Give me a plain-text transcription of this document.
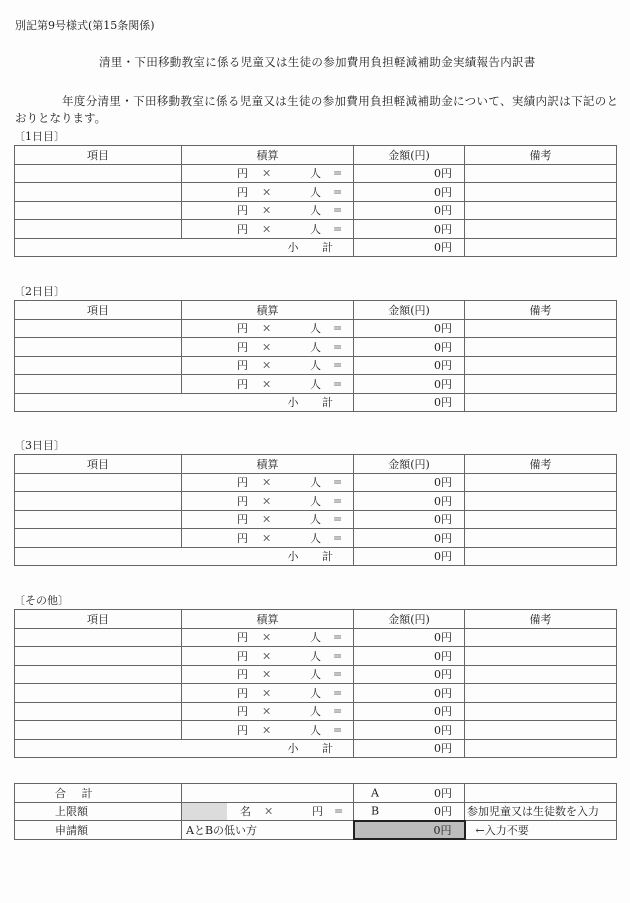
別記第9号様式(第15条関係)
清里・下田移動教室に係る児童又は生徒の参加費用負担軽減補助金実績報告内訳書
年度分清里・下田移動教室に係る児童又は生徒の参加費用負担軽減補助金について、実績内訳は下記のと
おりとなります。
〔1日目〕
項目	積算	金額(円)	備考

	円 × 人 =	0円	

	円 × 人 =	0円	

	円 × 人 =	0円	

	円 × 人 =	0円	
小 計		0円	
〔2日目〕
項目	積算	金額(円)	備考

	円 × 人 =	0円	

	円 × 人 =	0円	

	円 × 人 =	0円	

	円 × 人 =	0円	
小 計		0円	
〔3日目〕
項目	積算	金額(円)	備考

	円 × 人 =	0円	

	円 × 人 =	0円	

	円 × 人 =	0円	

	円 × 人 =	0円	
小 計		0円	
〔その他〕
項目	積算	金額(円)	備考

	円 × 人 =	0円	

	円 × 人 =	0円	

	円 × 人 =	0円	

	円 × 人 =	0円	

	円 × 人 =	0円	

	円 × 人 =	0円	
小 計		0円	
合 計		A 0円	

上限額	名 × 円 =	B 0円	参加児童又は生徒数を入力
申請額	AとBの低い方	0円	←入力不要
